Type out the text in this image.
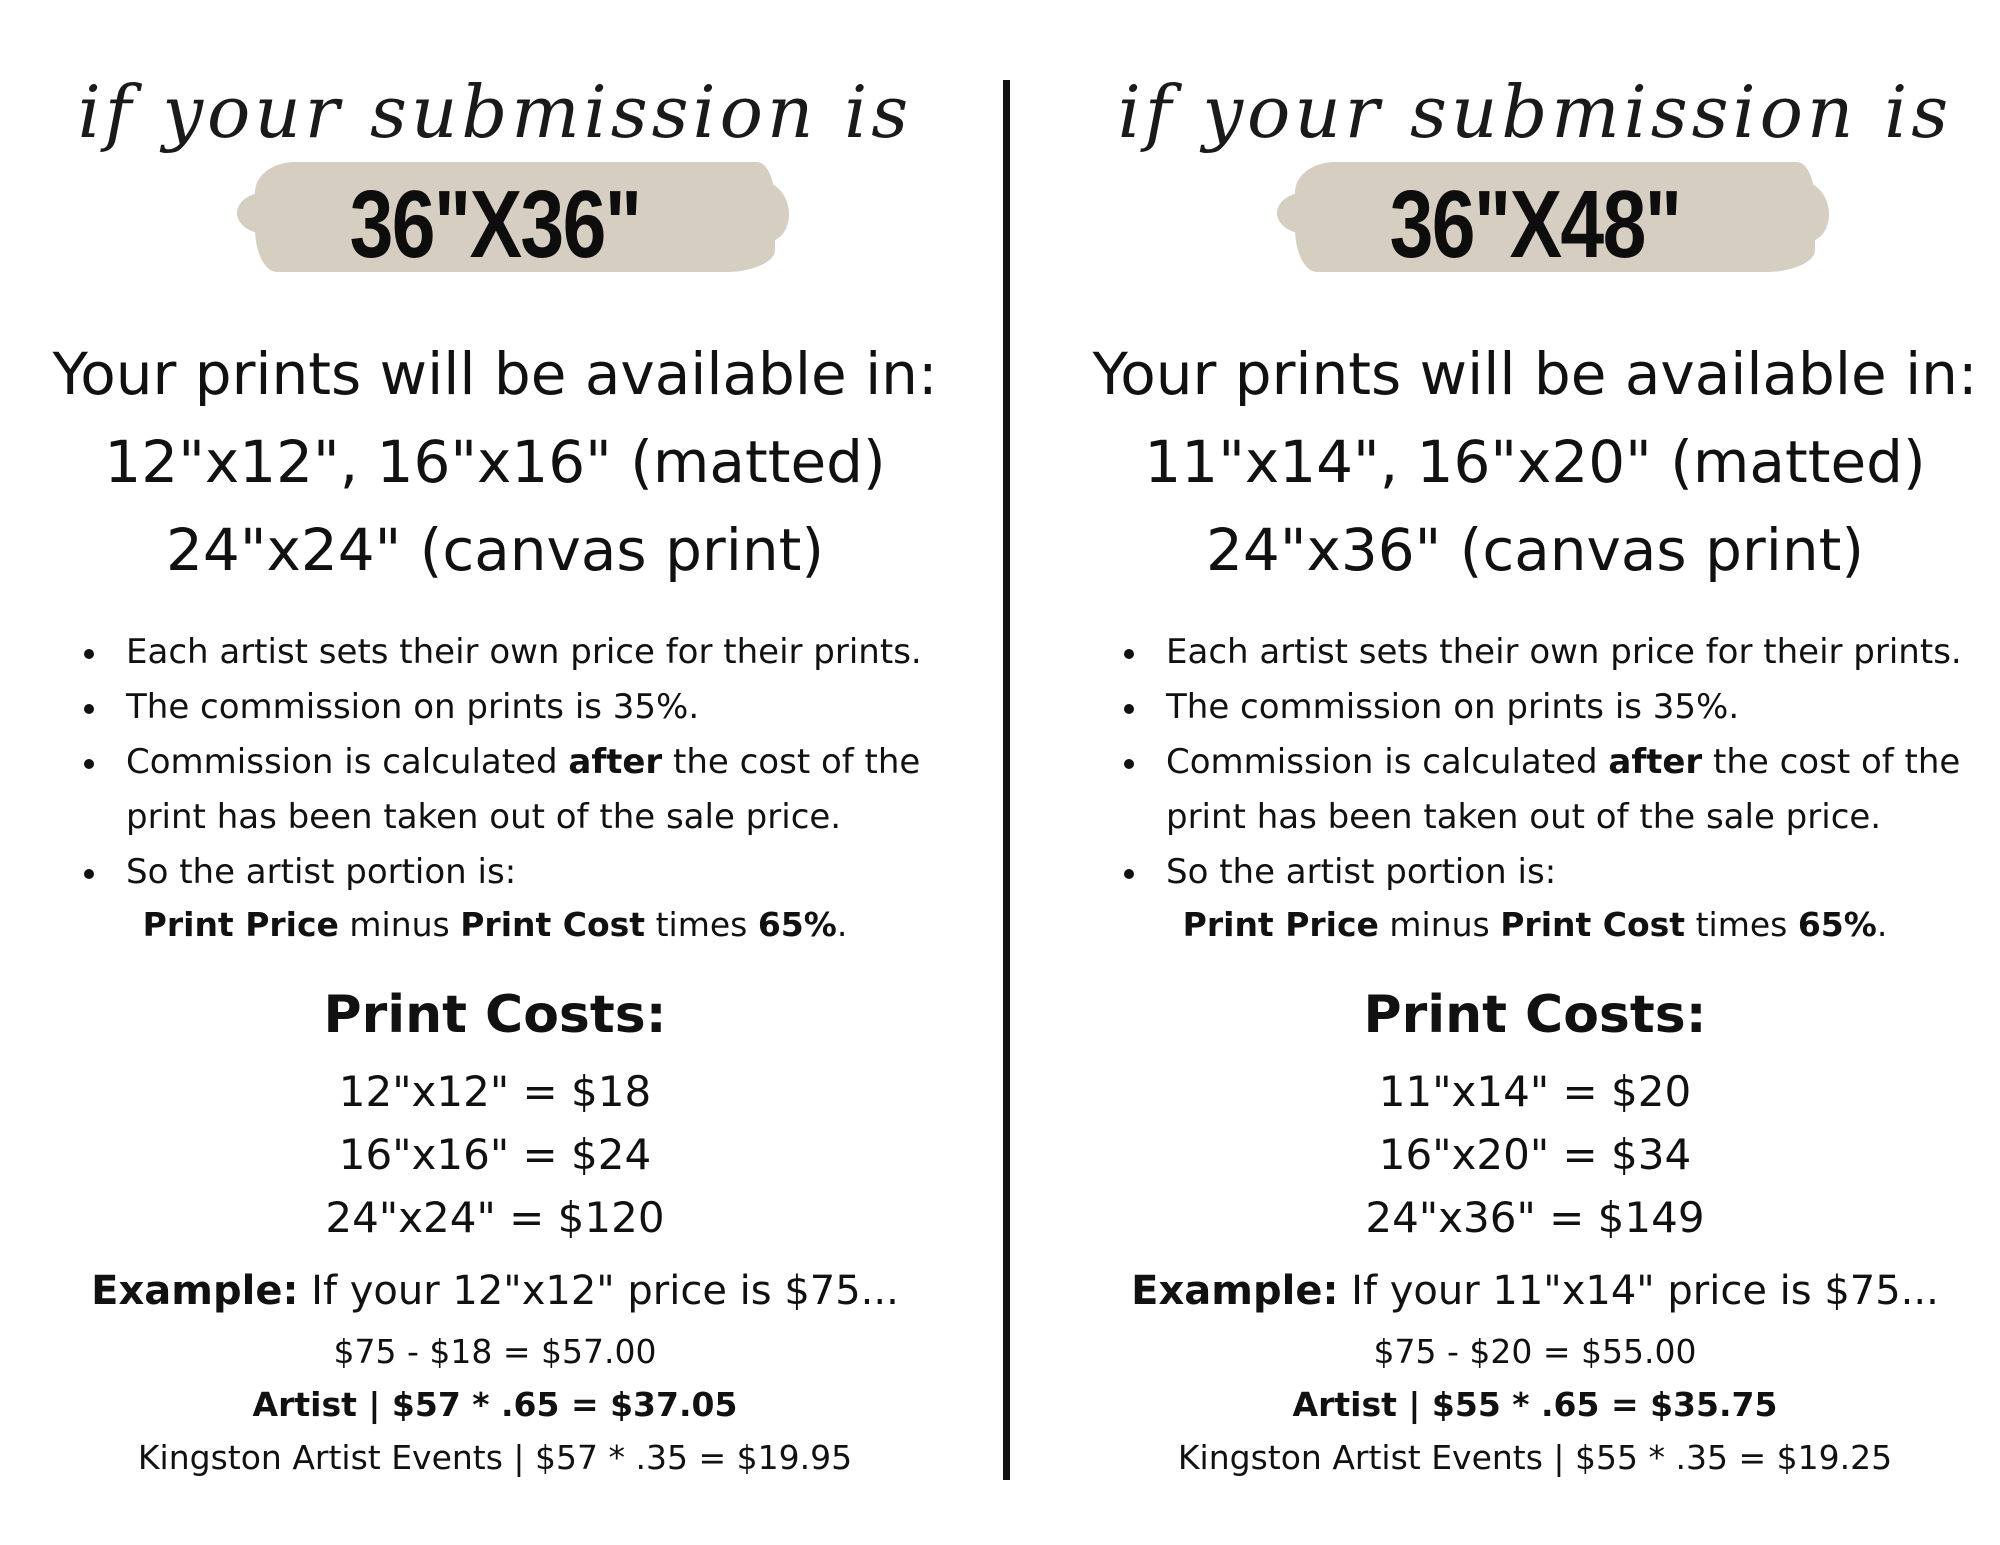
if your submission is
36"X36"
Your prints will be available in:
12"x12", 16"x16" (matted)
24"x24" (canvas print)
Each artist sets their own price for their prints.
The commission on prints is 35%.
Commission is calculated after the cost of the
print has been taken out of the sale price.
So the artist portion is:
Print Price minus Print Cost times 65%.
Print Costs:
12"x12" = $18
16"x16" = $24
24"x24" = $120
Example: If your 12"x12" price is $75...
$75 - $18 = $57.00
Artist | $57 * .65 = $37.05
Kingston Artist Events | $57 * .35 = $19.95
if your submission is
36"X48"
Your prints will be available in:
11"x14", 16"x20" (matted)
24"x36" (canvas print)
Each artist sets their own price for their prints.
The commission on prints is 35%.
Commission is calculated after the cost of the
print has been taken out of the sale price.
So the artist portion is:
Print Price minus Print Cost times 65%.
Print Costs:
11"x14" = $20
16"x20" = $34
24"x36" = $149
Example: If your 11"x14" price is $75...
$75 - $20 = $55.00
Artist | $55 * .65 = $35.75
Kingston Artist Events | $55 * .35 = $19.25
